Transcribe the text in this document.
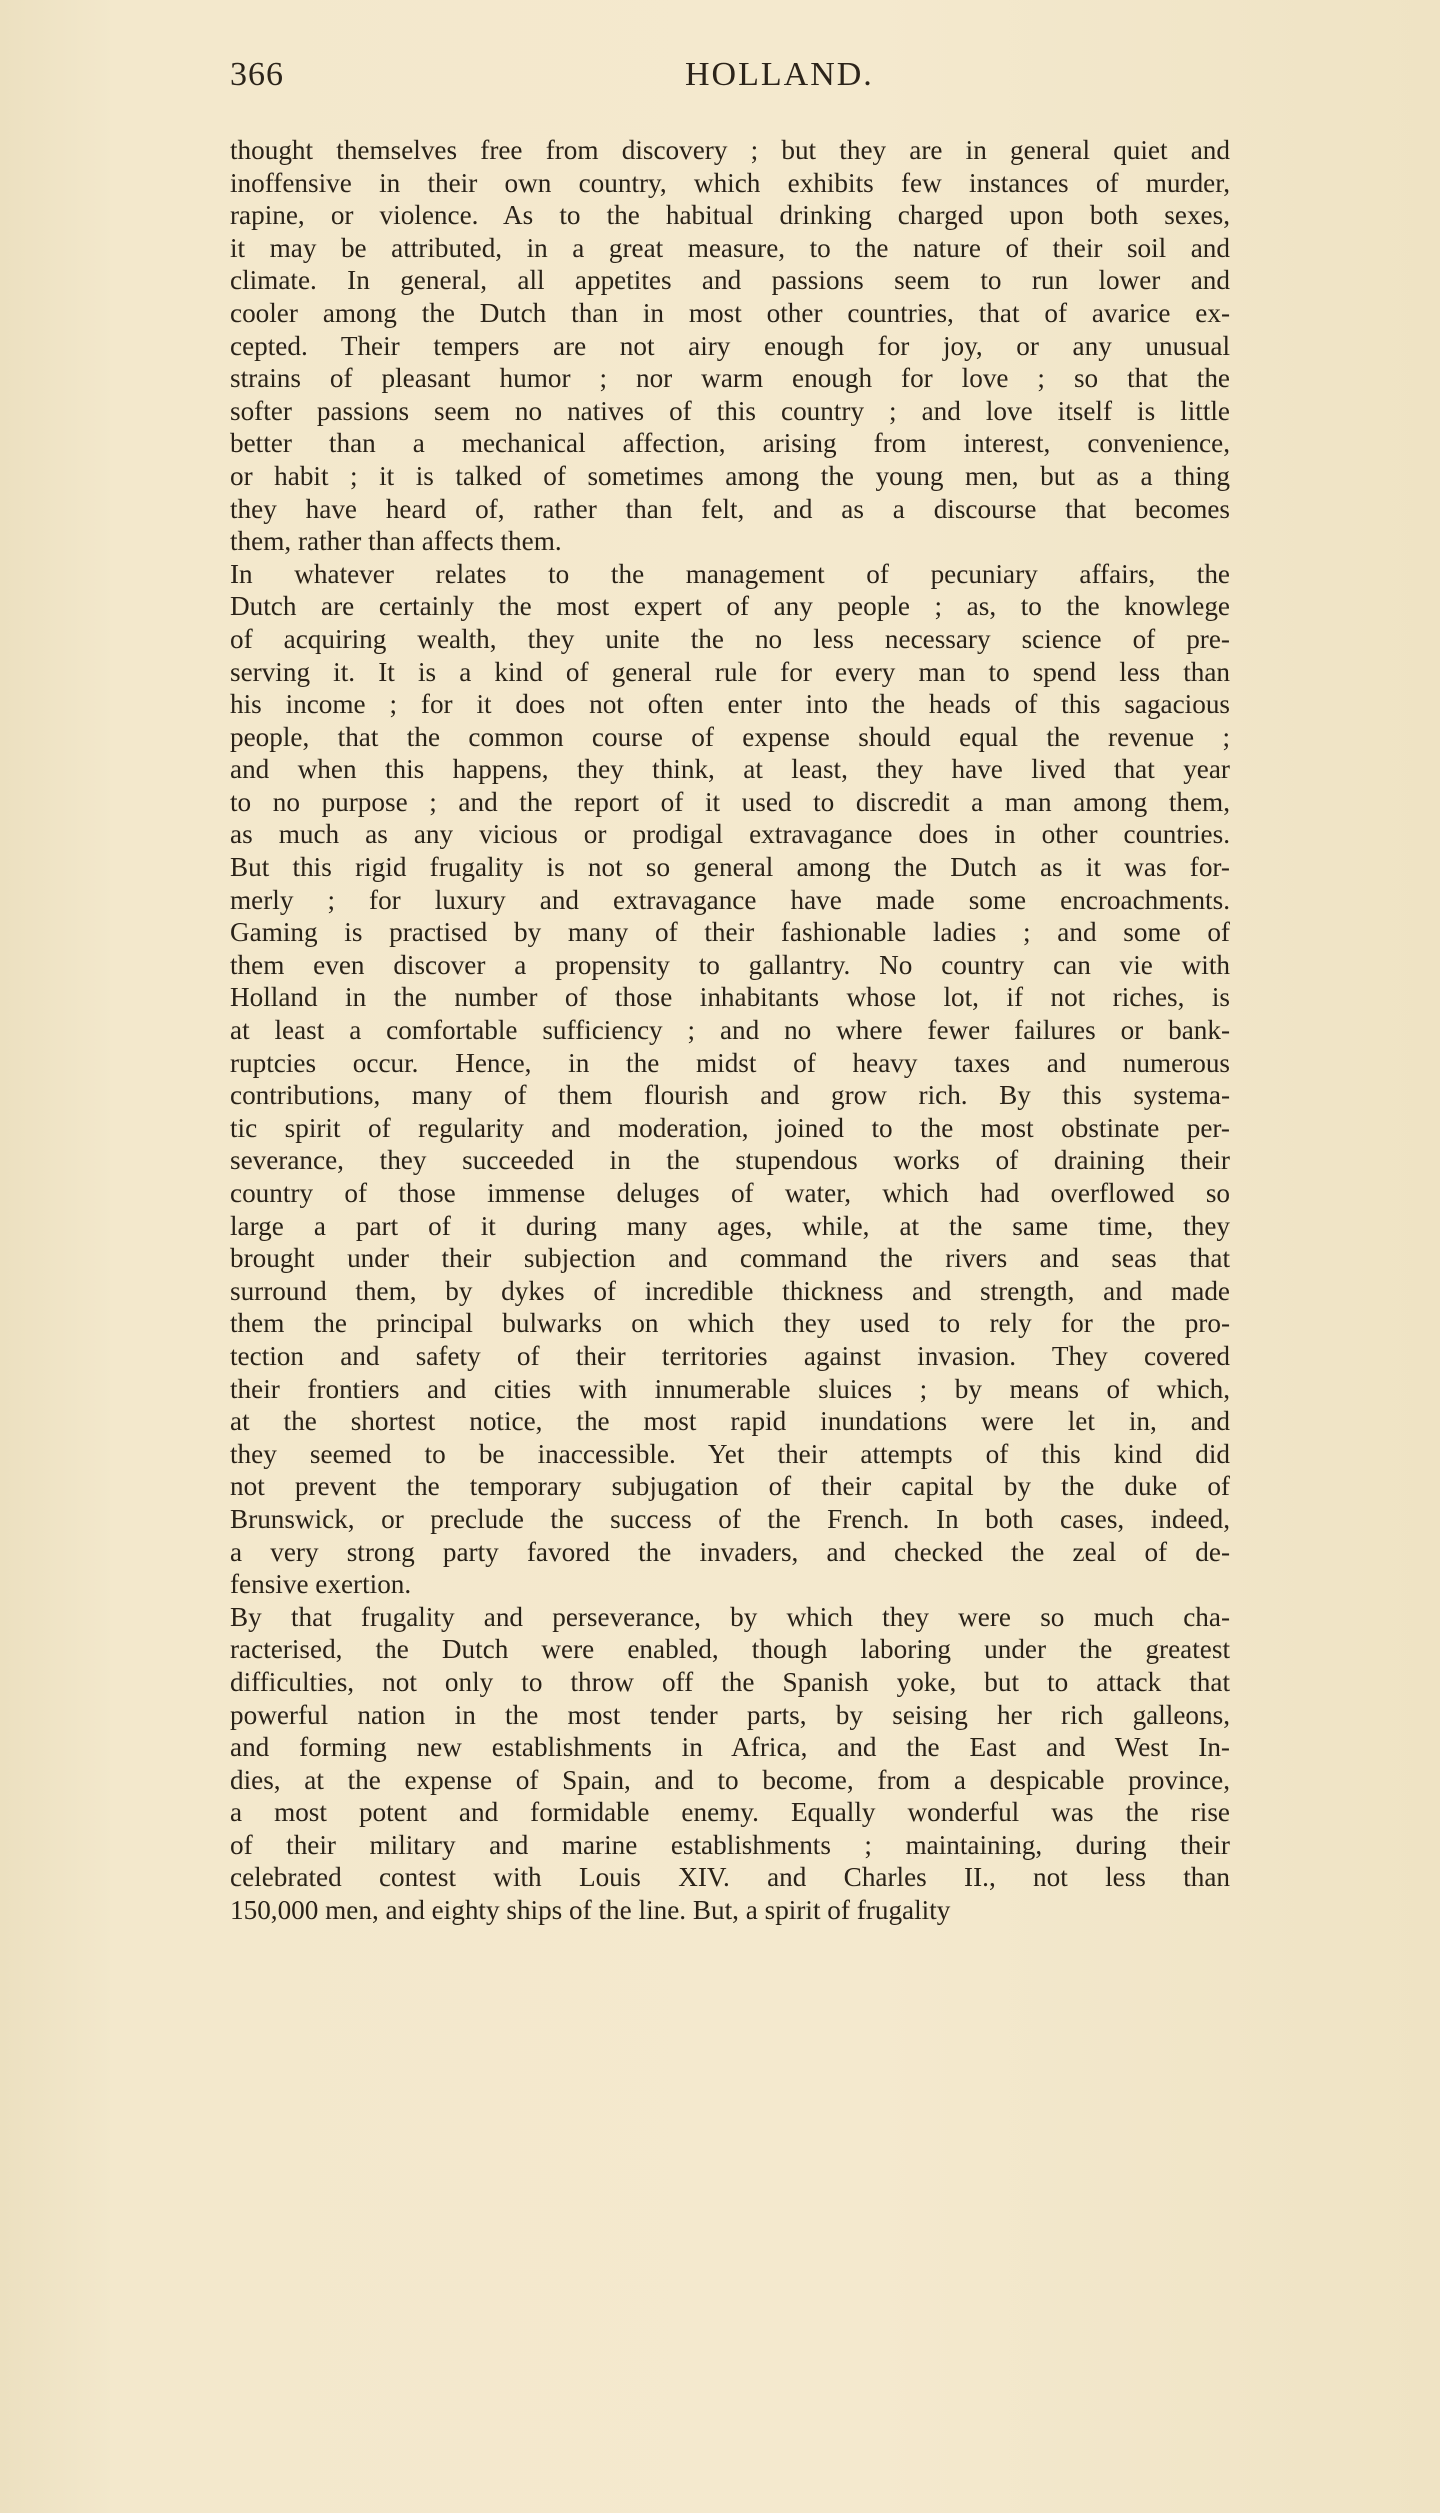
366	HOLLAND.

thought themselves free from discovery ; but they are in general quiet and
inoffensive in their own country, which exhibits few instances of murder,
rapine, or violence. As to the habitual drinking charged upon both sexes,
it may be attributed, in a great measure, to the nature of their soil and
climate. In general, all appetites and passions seem to run lower and
cooler among the Dutch than in most other countries, that of avarice ex-
cepted. Their tempers are not airy enough for joy, or any unusual
strains of pleasant humor ; nor warm enough for love ; so that the
softer passions seem no natives of this country ; and love itself is little
better than a mechanical affection, arising from interest, convenience,
or habit ; it is talked of sometimes among the young men, but as a thing
they have heard of, rather than felt, and as a discourse that becomes
them, rather than affects them.

In whatever relates to the management of pecuniary affairs, the
Dutch are certainly the most expert of any people ; as, to the knowlege
of acquiring wealth, they unite the no less necessary science of pre-
serving it. It is a kind of general rule for every man to spend less than
his income ; for it does not often enter into the heads of this sagacious
people, that the common course of expense should equal the revenue ;
and when this happens, they think, at least, they have lived that year
to no purpose ; and the report of it used to discredit a man among them,
as much as any vicious or prodigal extravagance does in other countries.
But this rigid frugality is not so general among the Dutch as it was for-
merly ; for luxury and extravagance have made some encroachments.
Gaming is practised by many of their fashionable ladies ; and some of
them even discover a propensity to gallantry. No country can vie with
Holland in the number of those inhabitants whose lot, if not riches, is
at least a comfortable sufficiency ; and no where fewer failures or bank-
ruptcies occur. Hence, in the midst of heavy taxes and numerous
contributions, many of them flourish and grow rich. By this systema-
tic spirit of regularity and moderation, joined to the most obstinate per-
severance, they succeeded in the stupendous works of draining their
country of those immense deluges of water, which had overflowed so
large a part of it during many ages, while, at the same time, they
brought under their subjection and command the rivers and seas that
surround them, by dykes of incredible thickness and strength, and made
them the principal bulwarks on which they used to rely for the pro-
tection and safety of their territories against invasion. They covered
their frontiers and cities with innumerable sluices ; by means of which,
at the shortest notice, the most rapid inundations were let in, and
they seemed to be inaccessible. Yet their attempts of this kind did
not prevent the temporary subjugation of their capital by the duke of
Brunswick, or preclude the success of the French. In both cases, indeed,
a very strong party favored the invaders, and checked the zeal of de-
fensive exertion.

By that frugality and perseverance, by which they were so much cha-
racterised, the Dutch were enabled, though laboring under the greatest
difficulties, not only to throw off the Spanish yoke, but to attack that
powerful nation in the most tender parts, by seising her rich galleons,
and forming new establishments in Africa, and the East and West In-
dies, at the expense of Spain, and to become, from a despicable province,
a most potent and formidable enemy. Equally wonderful was the rise
of their military and marine establishments ; maintaining, during their
celebrated contest with Louis XIV. and Charles II., not less than
150,000 men, and eighty ships of the line. But, a spirit of frugality
